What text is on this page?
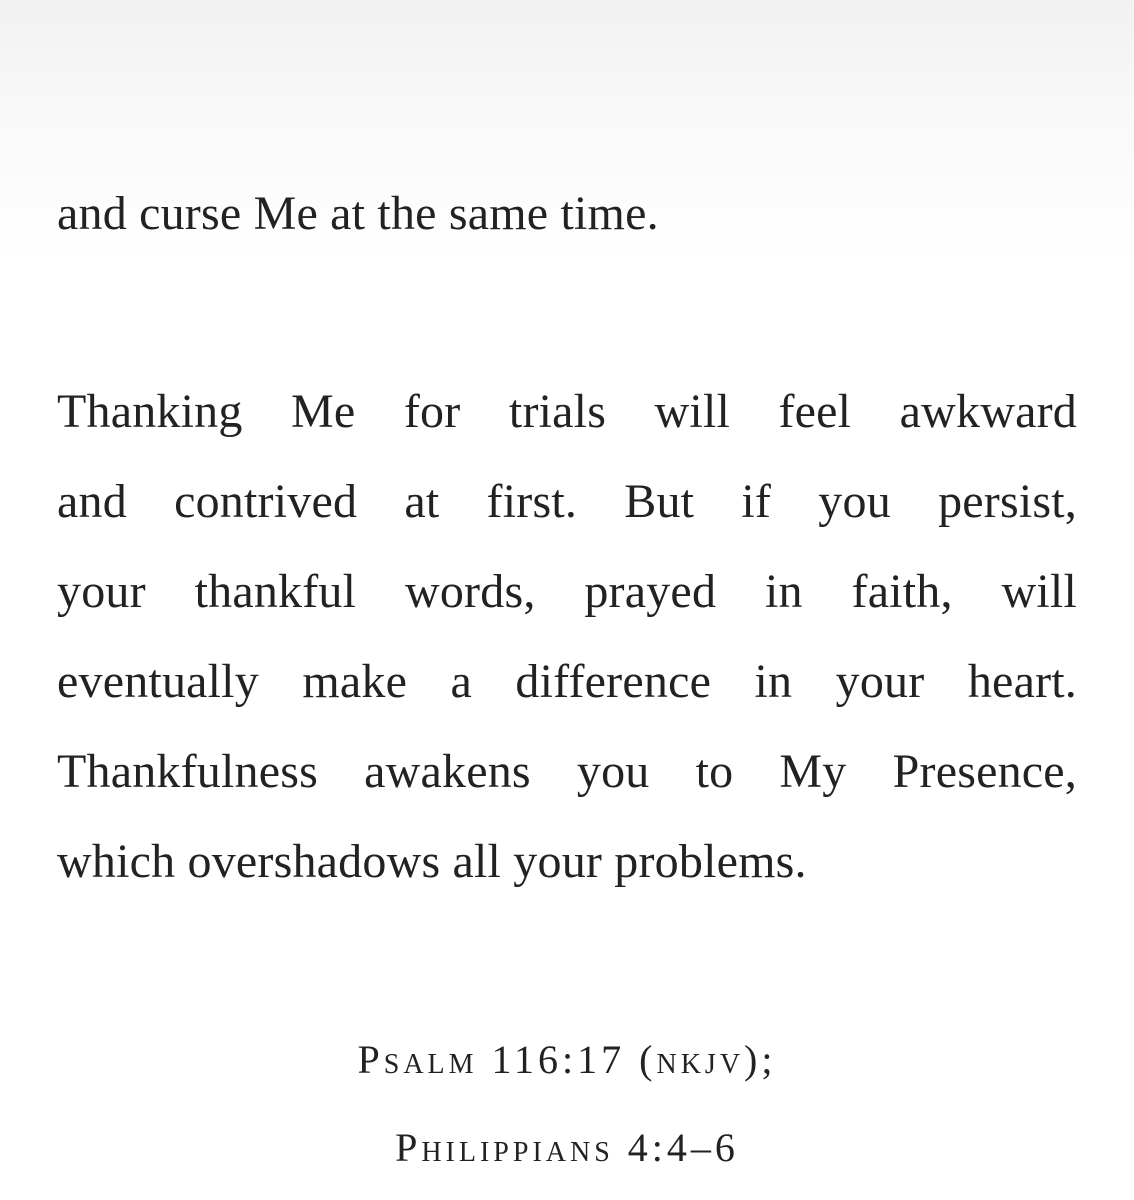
and curse Me at the same time.
Thanking Me for trials will feel awkward
and contrived at first. But if you persist,
your thankful words, prayed in faith, will
eventually make a difference in your heart.
Thankfulness awakens you to My Presence,
which overshadows all your problems.
Psalm 116:17 (nkjv);
Philippians 4:4–6
